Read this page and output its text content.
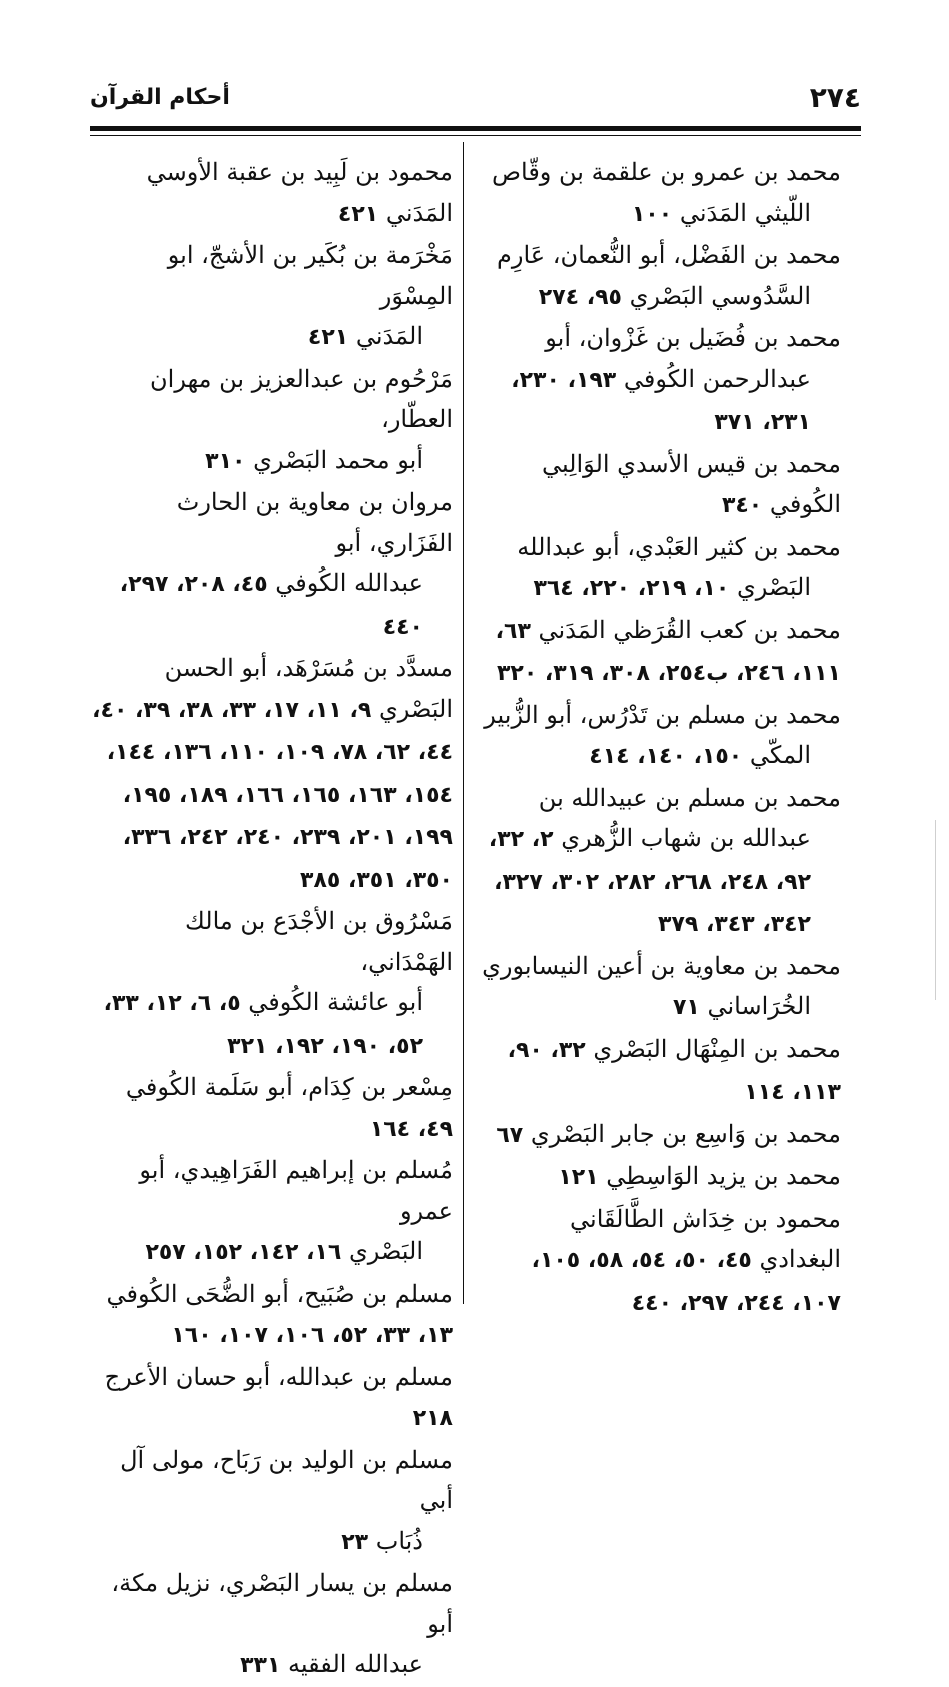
٢٧٤
أحكام القرآن

محمد بن عمرو بن علقمة بن وقّاص
اللّيثي المَدَني ١٠٠

محمد بن الفَضْل، أبو النُّعمان، عَارِم
السَّدُوسي البَصْري ٩٥، ٢٧٤

محمد بن فُضَيل بن غَزْوان، أبو
عبدالرحمن الكُوفي ١٩٣، ٢٣٠، ٢٣١، ٣٧١

محمد بن قيس الأسدي الوَالِبي الكُوفي ٣٤٠

محمد بن كثير العَبْدي، أبو عبدالله
البَصْري ١٠، ٢١٩، ٢٢٠، ٣٦٤

محمد بن كعب القُرَظي المَدَني ٦٣، ١١١، ٢٤٦، ب٢٥٤، ٣٠٨، ٣١٩، ٣٢٠

محمد بن مسلم بن تَدْرُس، أبو الزُّبير
المكّي ١٥٠، ١٤٠، ٤١٤

محمد بن مسلم بن عبيدالله بن
عبدالله بن شهاب الزُّهري ٢، ٣٢، ٩٢، ٢٤٨، ٢٦٨، ٢٨٢، ٣٠٢، ٣٢٧، ٣٤٢، ٣٤٣، ٣٧٩

محمد بن معاوية بن أعين النيسابوري
الخُرَاساني ٧١

محمد بن المِنْهَال البَصْري ٣٢، ٩٠، ١١٣، ١١٤

محمد بن وَاسِع بن جابر البَصْري ٦٧

محمد بن يزيد الوَاسِطِي ١٢١

محمود بن خِدَاش الطَّالَقَاني البغدادي ٤٥، ٥٠، ٥٤، ٥٨، ١٠٥، ١٠٧، ٢٤٤، ٢٩٧، ٤٤٠

محمود بن لَبِيد بن عقبة الأوسي المَدَني ٤٢١

مَخْرَمة بن بُكَير بن الأشجّ، ابو المِسْوَر
المَدَني ٤٢١

مَرْحُوم بن عبدالعزيز بن مهران العطّار،
أبو محمد البَصْري ٣١٠

مروان بن معاوية بن الحارث الفَزَاري، أبو
عبدالله الكُوفي ٤٥، ٢٠٨، ٢٩٧، ٤٤٠

مسدَّد بن مُسَرْهَد، أبو الحسن البَصْري ٩، ١١، ١٧، ٣٣، ٣٨، ٣٩، ٤٠، ٤٤، ٦٢، ٧٨، ١٠٩، ١١٠، ١٣٦، ١٤٤، ١٥٤، ١٦٣، ١٦٥، ١٦٦، ١٨٩، ١٩٥، ١٩٩، ٢٠١، ٢٣٩، ٢٤٠، ٢٤٢، ٣٣٦، ٣٥٠، ٣٥١، ٣٨٥

مَسْرُوق بن الأجْدَع بن مالك الهَمْدَاني،
أبو عائشة الكُوفي ٥، ٦، ١٢، ٣٣، ٥٢، ١٩٠، ١٩٢، ٣٢١

مِسْعر بن كِدَام، أبو سَلَمة الكُوفي ٤٩، ١٦٤

مُسلم بن إبراهيم الفَرَاهِيدي، أبو عمرو
البَصْري ١٦، ١٤٢، ١٥٢، ٢٥٧

مسلم بن صُبَيح، أبو الضُّحَى الكُوفي ١٣، ٣٣، ٥٢، ١٠٦، ١٠٧، ١٦٠

مسلم بن عبدالله، أبو حسان الأعرج ٢١٨

مسلم بن الوليد بن رَبَاح، مولى آل أبي
ذُبَاب ٢٣

مسلم بن يسار البَصْري، نزيل مكة، أبو
عبدالله الفقيه ٣٣١
